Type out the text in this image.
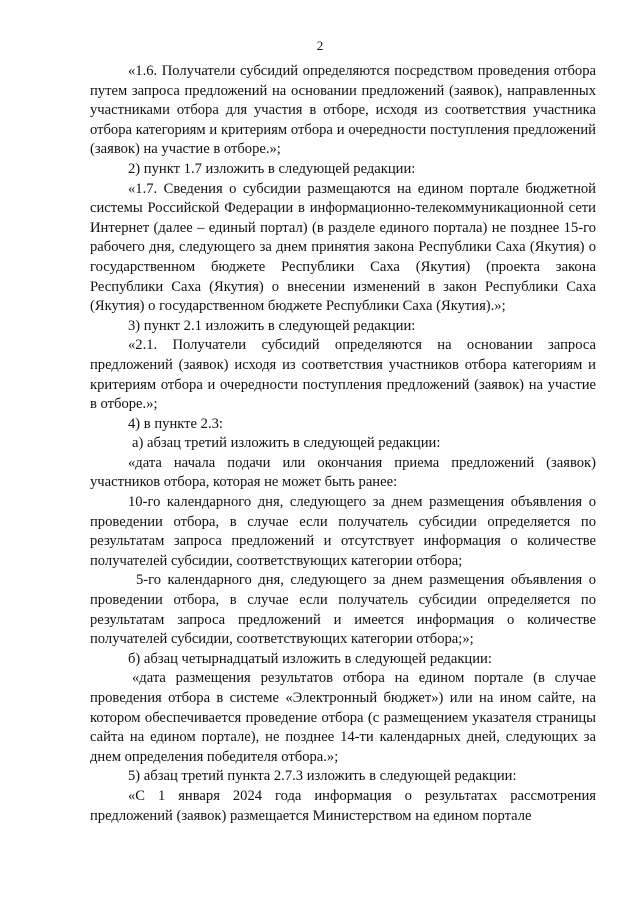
2

«1.6. Получатели субсидий определяются посредством проведения отбора путем запроса предложений на основании предложений (заявок), направленных участниками отбора для участия в отборе, исходя из соответствия участника отбора категориям и критериям отбора и очередности поступления предложений (заявок) на участие в отборе.»;

2) пункт 1.7 изложить в следующей редакции:

«1.7. Сведения о субсидии размещаются на едином портале бюджетной системы Российской Федерации в информационно-телекоммуникационной сети Интернет (далее – единый портал) (в разделе единого портала) не позднее 15-го рабочего дня, следующего за днем принятия закона Республики Саха (Якутия) о государственном бюджете Республики Саха (Якутия) (проекта закона Республики Саха (Якутия) о внесении изменений в закон Республики Саха (Якутия) о государственном бюджете Республики Саха (Якутия).»;

3) пункт 2.1 изложить в следующей редакции:

«2.1. Получатели субсидий определяются на основании запроса предложений (заявок) исходя из соответствия участников отбора категориям и критериям отбора и очередности поступления предложений (заявок) на участие в отборе.»;

4) в пункте 2.3:

а) абзац третий изложить в следующей редакции:

«дата начала подачи или окончания приема предложений (заявок) участников отбора, которая не может быть ранее:

10-го календарного дня, следующего за днем размещения объявления о проведении отбора, в случае если получатель субсидии определяется по результатам запроса предложений и отсутствует информация о количестве получателей субсидии, соответствующих категории отбора;

5-го календарного дня, следующего за днем размещения объявления о проведении отбора, в случае если получатель субсидии определяется по результатам запроса предложений и имеется информация о количестве получателей субсидии, соответствующих категории отбора;»;

б) абзац четырнадцатый изложить в следующей редакции:

«дата размещения результатов отбора на едином портале (в случае проведения отбора в системе «Электронный бюджет») или на ином сайте, на котором обеспечивается проведение отбора (с размещением указателя страницы сайта на едином портале), не позднее 14-ти календарных дней, следующих за днем определения победителя отбора.»;

5) абзац третий пункта 2.7.3 изложить в следующей редакции:

«С 1 января 2024 года информация о результатах рассмотрения предложений (заявок) размещается Министерством на едином портале
